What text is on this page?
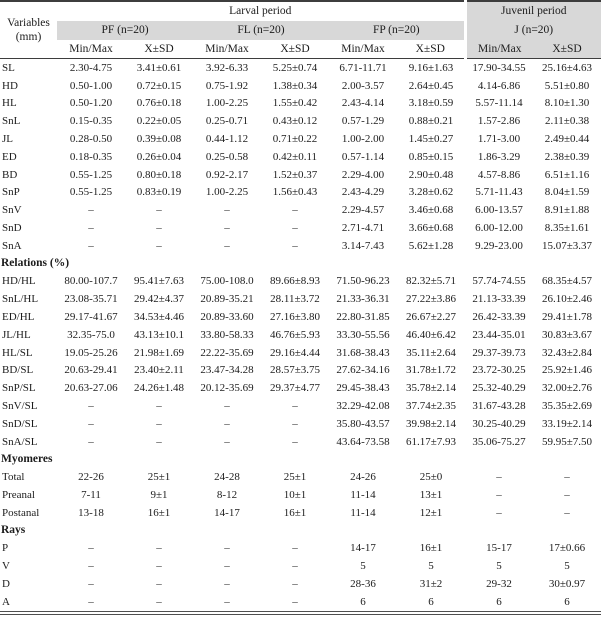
Variables
(mm)	Larval period						Juvenil period	
	PF (n=20)		FL (n=20)		FP (n=20)		J (n=20)	
	Min/Max	X±SD	Min/Max	X±SD	Min/Max	X±SD	Min/Max	X±SD
SL	2.30-4.75	3.41±0.61	3.92-6.33	5.25±0.74	6.71-11.71	9.16±1.63	17.90-34.55	25.16±4.63
HD	0.50-1.00	0.72±0.15	0.75-1.92	1.38±0.34	2.00-3.57	2.64±0.45	4.14-6.86	5.51±0.80
HL	0.50-1.20	0.76±0.18	1.00-2.25	1.55±0.42	2.43-4.14	3.18±0.59	5.57-11.14	8.10±1.30
SnL	0.15-0.35	0.22±0.05	0.25-0.71	0.43±0.12	0.57-1.29	0.88±0.21	1.57-2.86	2.11±0.38
JL	0.28-0.50	0.39±0.08	0.44-1.12	0.71±0.22	1.00-2.00	1.45±0.27	1.71-3.00	2.49±0.44
ED	0.18-0.35	0.26±0.04	0.25-0.58	0.42±0.11	0.57-1.14	0.85±0.15	1.86-3.29	2.38±0.39
BD	0.55-1.25	0.80±0.18	0.92-2.17	1.52±0.37	2.29-4.00	2.90±0.48	4.57-8.86	6.51±1.16
SnP	0.55-1.25	0.83±0.19	1.00-2.25	1.56±0.43	2.43-4.29	3.28±0.62	5.71-11.43	8.04±1.59
SnV	–	–	–	–	2.29-4.57	3.46±0.68	6.00-13.57	8.91±1.88
SnD	–	–	–	–	2.71-4.71	3.66±0.68	6.00-12.00	8.35±1.61
SnA	–	–	–	–	3.14-7.43	5.62±1.28	9.29-23.00	15.07±3.37
Relations (%)								
HD/HL	80.00-107.7	95.41±7.63	75.00-108.0	89.66±8.93	71.50-96.23	82.32±5.71	57.74-74.55	68.35±4.57
SnL/HL	23.08-35.71	29.42±4.37	20.89-35.21	28.11±3.72	21.33-36.31	27.22±3.86	21.13-33.39	26.10±2.46
ED/HL	29.17-41.67	34.53±4.46	20.89-33.60	27.16±3.80	22.80-31.85	26.67±2.27	26.42-33.39	29.41±1.78
JL/HL	32.35-75.0	43.13±10.1	33.80-58.33	46.76±5.93	33.30-55.56	46.40±6.42	23.44-35.01	30.83±3.67
HL/SL	19.05-25.26	21.98±1.69	22.22-35.69	29.16±4.44	31.68-38.43	35.11±2.64	29.37-39.73	32.43±2.84
BD/SL	20.63-29.41	23.40±2.11	23.47-34.28	28.57±3.75	27.62-34.16	31.78±1.72	23.72-30.25	25.92±1.46
SnP/SL	20.63-27.06	24.26±1.48	20.12-35.69	29.37±4.77	29.45-38.43	35.78±2.14	25.32-40.29	32.00±2.76
SnV/SL	–	–	–	–	32.29-42.08	37.74±2.35	31.67-43.28	35.35±2.69
SnD/SL	–	–	–	–	35.80-43.57	39.98±2.14	30.25-40.29	33.19±2.14
SnA/SL	–	–	–	–	43.64-73.58	61.17±7.93	35.06-75.27	59.95±7.50
Myomeres								
Total	22-26	25±1	24-28	25±1	24-26	25±0	–	–
Preanal	7-11	9±1	8-12	10±1	11-14	13±1	–	–
Postanal	13-18	16±1	14-17	16±1	11-14	12±1	–	–
Rays								
P	–	–	–	–	14-17	16±1	15-17	17±0.66
V	–	–	–	–	5	5	5	5
D	–	–	–	–	28-36	31±2	29-32	30±0.97
A	–	–	–	–	6	6	6	6
